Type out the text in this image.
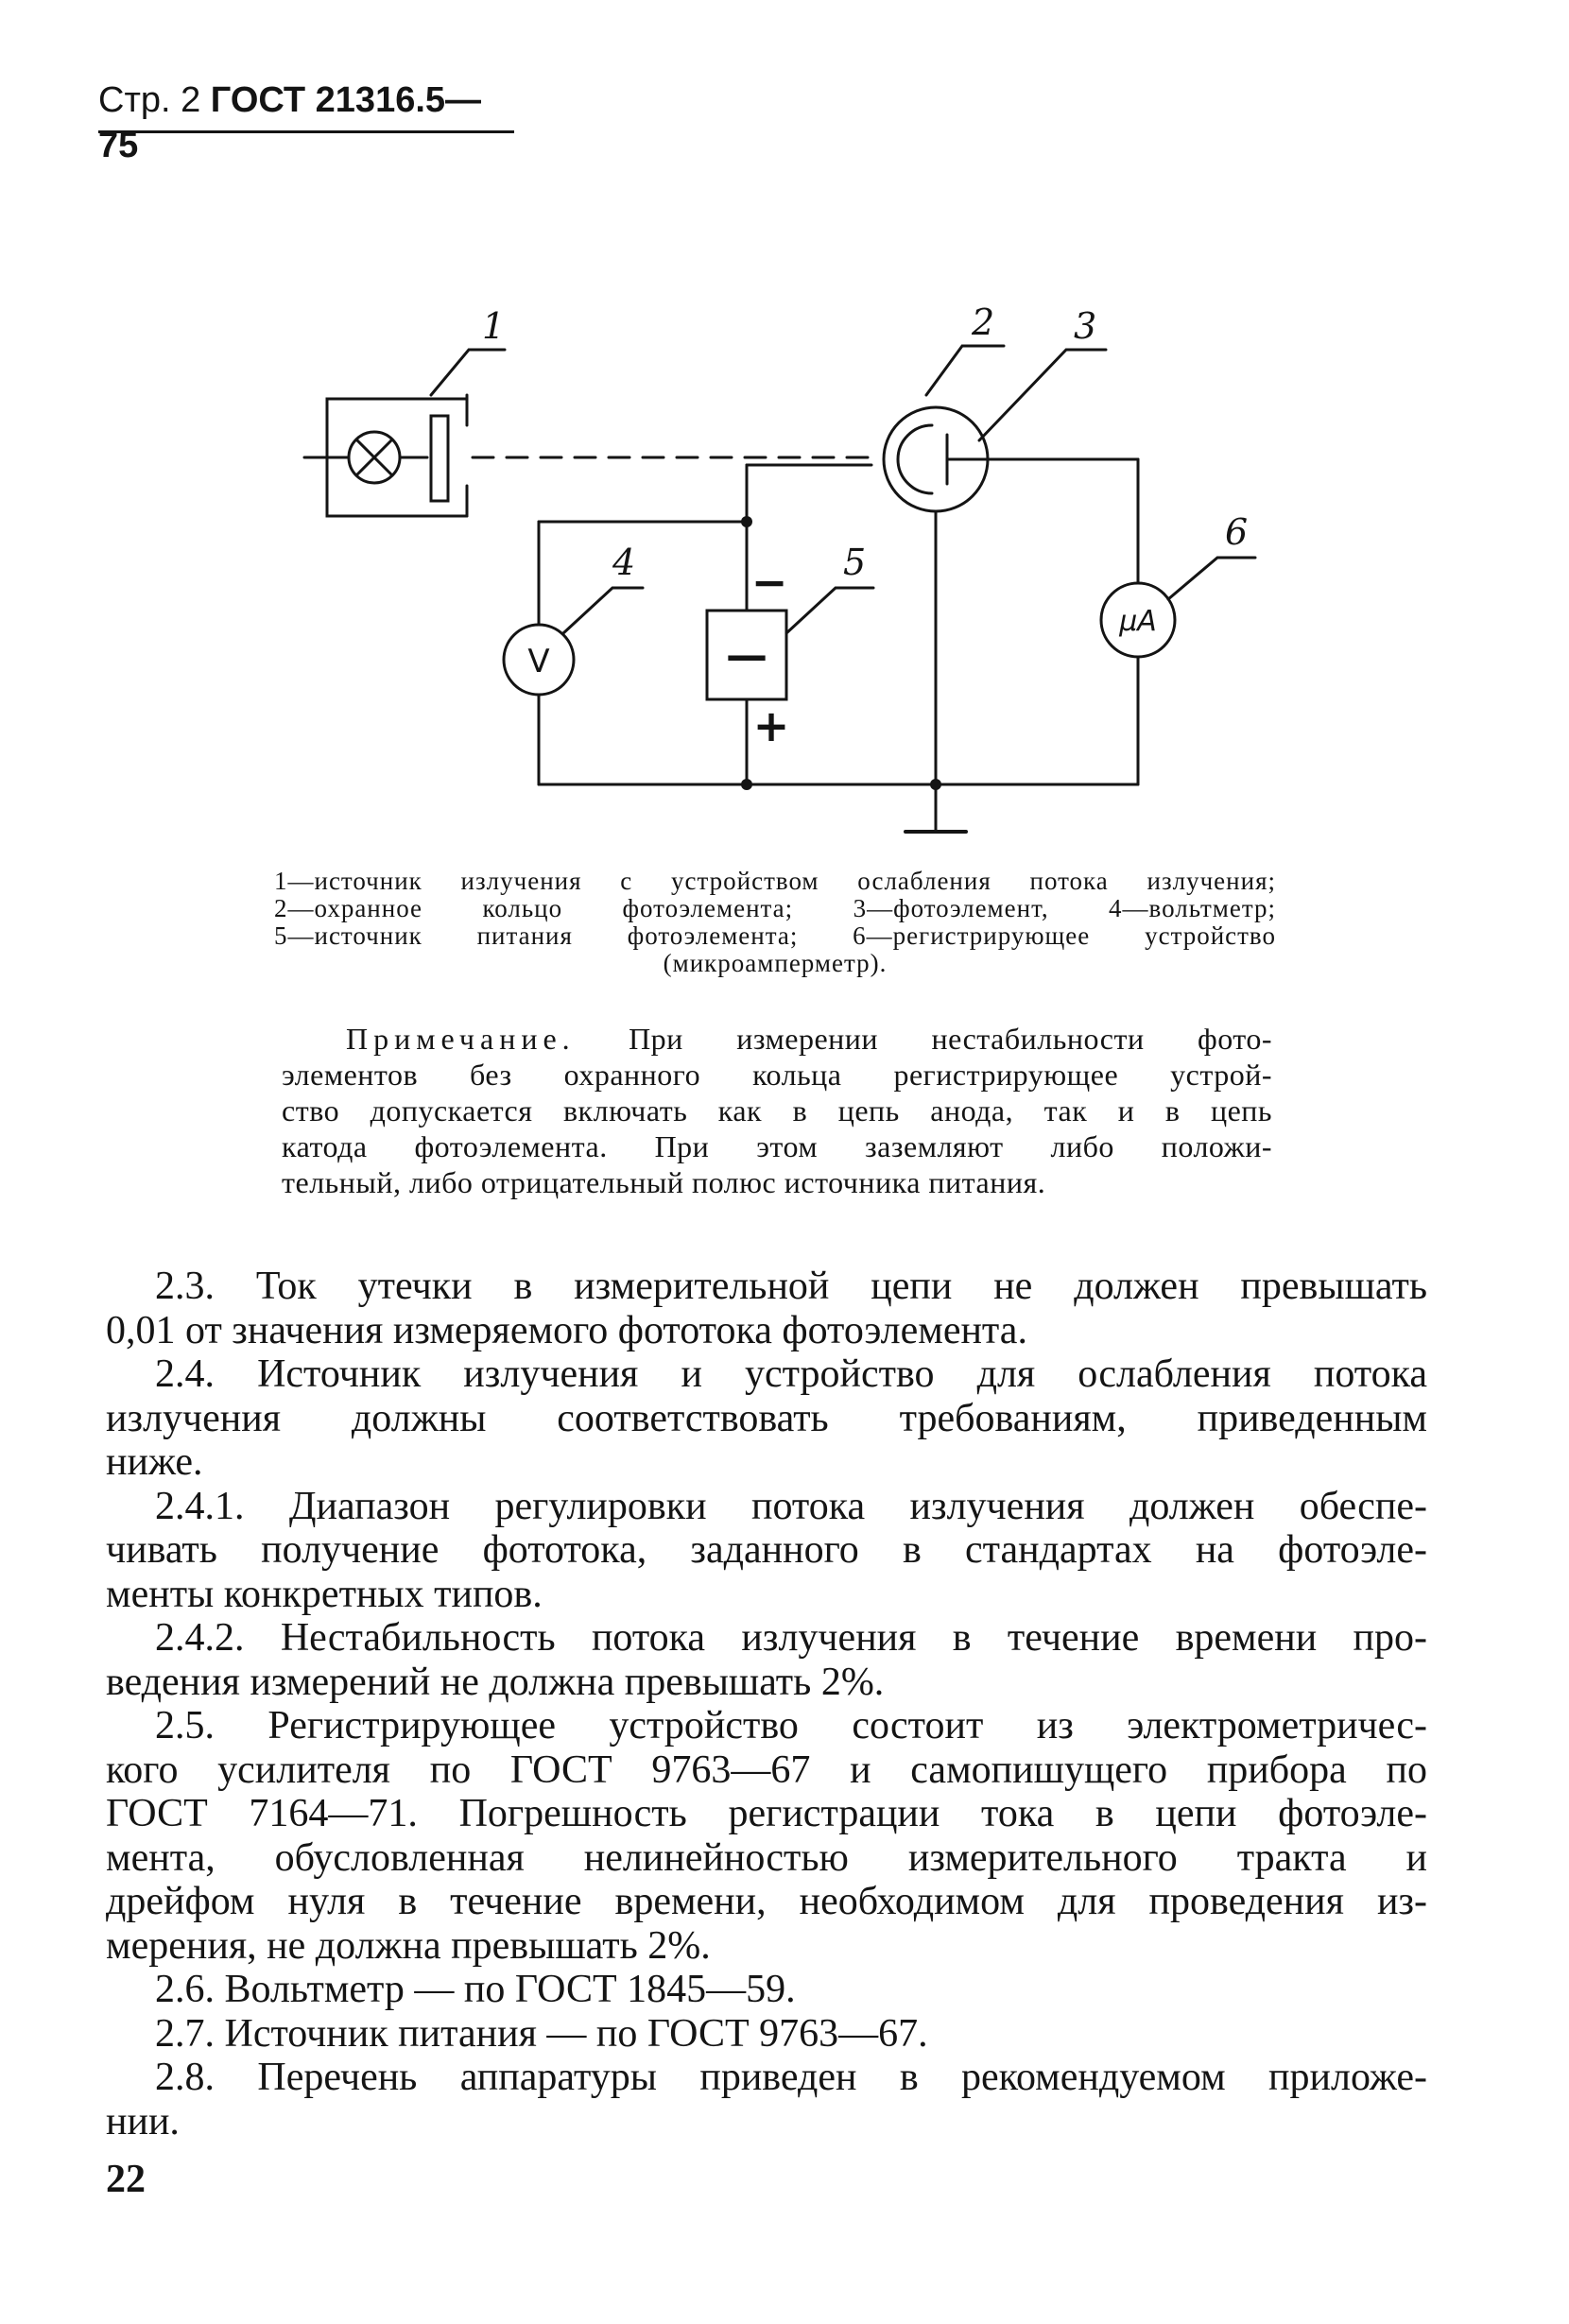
Стр. 2 ГОСТ 21316.5—75
1	2 3
4	5
6
V
μA
−
—
+

1—источник излучения с устройством ослабления потока излучения;

2—охранное кольцо фотоэлемента; 3—фотоэлемент, 4—вольтметр;

5—источник питания фотоэлемента; 6—регистрирующее устройство

(микроамперметр).

Примечание. При измерении нестабильности фото-

элементов без охранного кольца регистрирующее устрой-

ство допускается включать как в цепь анода, так и в цепь

катода фотоэлемента. При этом заземляют либо положи-

тельный, либо отрицательный полюс источника питания.

2.3. Ток утечки в измерительной цепи не должен превышать

0,01 от значения измеряемого фототока фотоэлемента.

2.4. Источник излучения и устройство для ослабления потока

излучения должны соответствовать требованиям, приведенным

ниже.

2.4.1. Диапазон регулировки потока излучения должен обеспе-

чивать получение фототока, заданного в стандартах на фотоэле-

менты конкретных типов.

2.4.2. Нестабильность потока излучения в течение времени про-

ведения измерений не должна превышать 2%.

2.5. Регистрирующее устройство состоит из электрометричес-

кого усилителя по ГОСТ 9763—67 и самопишущего прибора по

ГОСТ 7164—71. Погрешность регистрации тока в цепи фотоэле-

мента, обусловленная нелинейностью измерительного тракта и

дрейфом нуля в течение времени, необходимом для проведения из-

мерения, не должна превышать 2%.

2.6. Вольтметр — по ГОСТ 1845—59.

2.7. Источник питания — по ГОСТ 9763—67.

2.8. Перечень аппаратуры приведен в рекомендуемом приложе-

нии.

22
